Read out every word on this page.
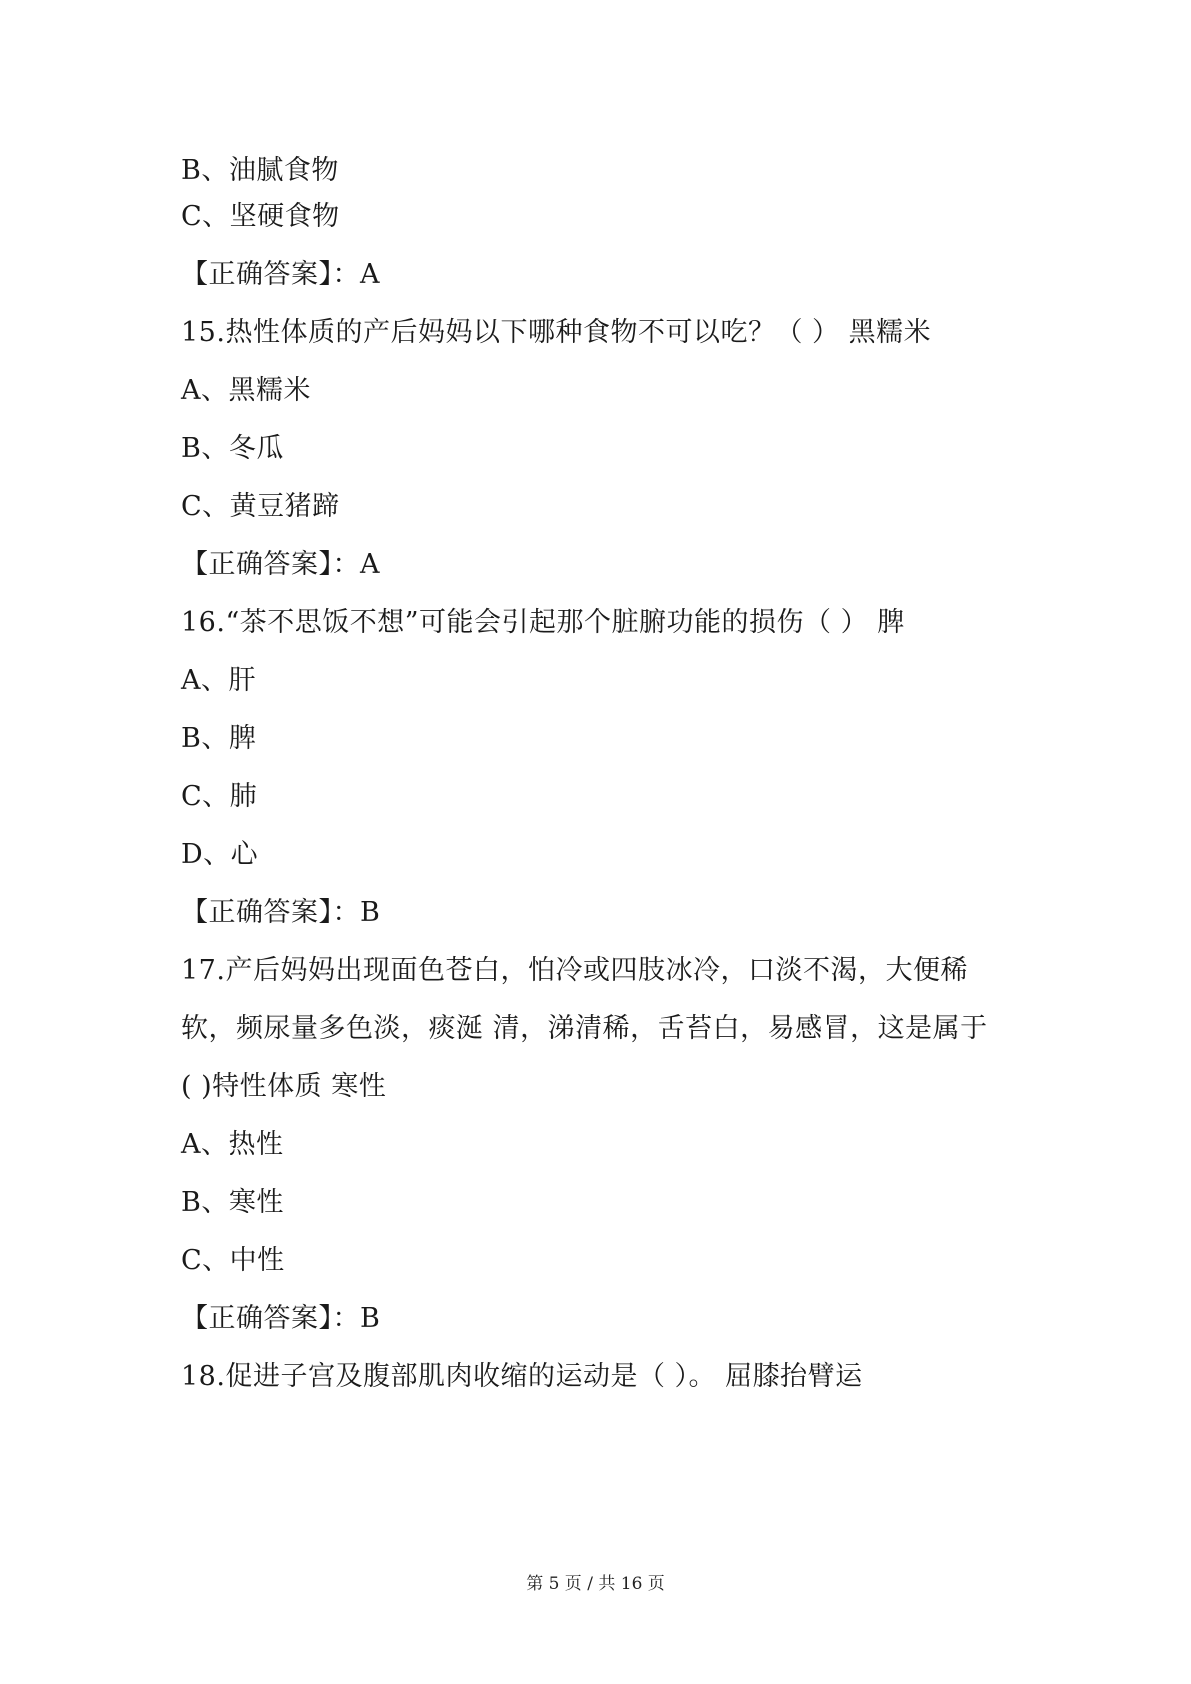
B、油腻食物
C、坚硬食物
【正确答案】：A
15.热性体质的产后妈妈以下哪种食物不可以吃？（ ） 黑糯米
A、黑糯米
B、冬瓜
C、黄豆猪蹄
【正确答案】：A
16.“茶不思饭不想”可能会引起那个脏腑功能的损伤（ ） 脾
A、肝
B、脾
C、肺
D、心
【正确答案】：B
17.产后妈妈出现面色苍白，怕冷或四肢冰冷，口淡不渴，大便稀
软，频尿量多色淡，痰涎 清，涕清稀，舌苔白，易感冒，这是属于
( )特性体质 寒性
A、热性
B、寒性
C、中性
【正确答案】：B
18.促进子宫及腹部肌肉收缩的运动是（ ）。 屈膝抬臂运
第 5 页 / 共 16 页
